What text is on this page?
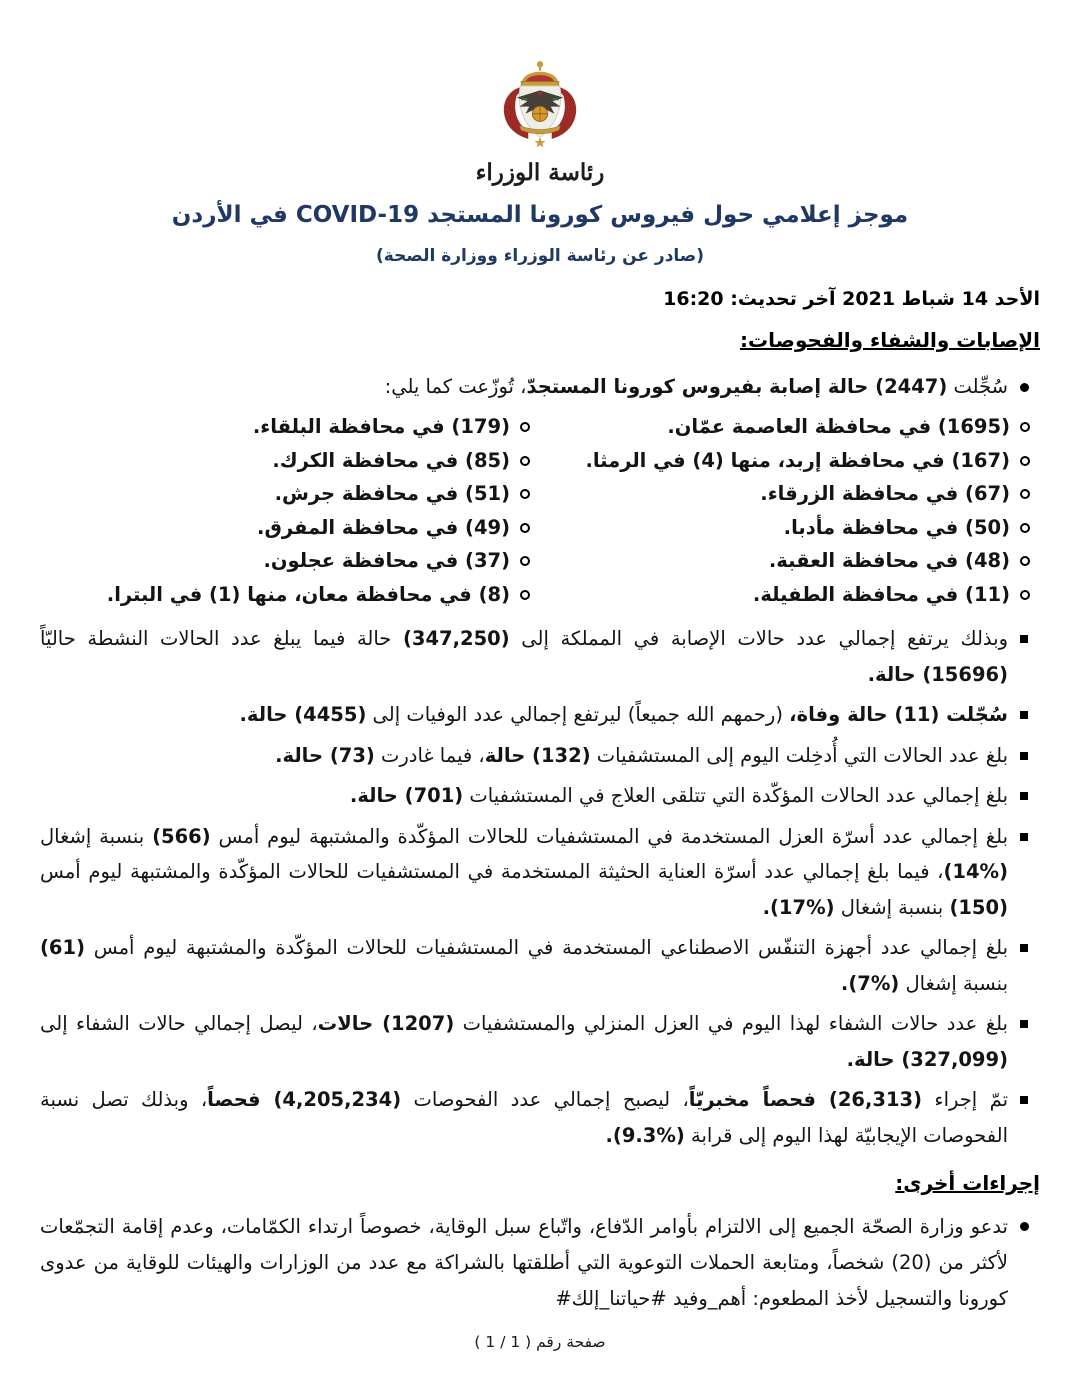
رئاسة الوزراء
موجز إعلامي حول فيروس كورونا المستجد COVID-19 في الأردن
(صادر عن رئاسة الوزراء ووزارة الصحة)
الأحد 14 شباط 2021 آخر تحديث: 16:20
الإصابات والشفاء والفحوصات:
سُجِّلت (2447) حالة إصابة بفيروس كورونا المستجدّ، تُوزّعت كما يلي:
(1695) في محافظة العاصمة عمّان.
(167) في محافظة إربد، منها (4) في الرمثا.
(67) في محافظة الزرقاء.
(50) في محافظة مأدبا.
(48) في محافظة العقبة.
(11) في محافظة الطفيلة.
(179) في محافظة البلقاء.
(85) في محافظة الكرك.
(51) في محافظة جرش.
(49) في محافظة المفرق.
(37) في محافظة عجلون.
(8) في محافظة معان، منها (1) في البترا.
وبذلك يرتفع إجمالي عدد حالات الإصابة في المملكة إلى (347,250) حالة فيما يبلغ عدد الحالات النشطة حاليّاً (15696) حالة.
سُجّلت (11) حالة وفاة، (رحمهم الله جميعاً) ليرتفع إجمالي عدد الوفيات إلى (4455) حالة.
بلغ عدد الحالات التي أُدخِلت اليوم إلى المستشفيات (132) حالة، فيما غادرت (73) حالة.
بلغ إجمالي عدد الحالات المؤكّدة التي تتلقى العلاج في المستشفيات (701) حالة.
بلغ إجمالي عدد أسرّة العزل المستخدمة في المستشفيات للحالات المؤكّدة والمشتبهة ليوم أمس (566) بنسبة إشغال (%14)، فيما بلغ إجمالي عدد أسرّة العناية الحثيثة المستخدمة في المستشفيات للحالات المؤكّدة والمشتبهة ليوم أمس (150) بنسبة إشغال (%17).
بلغ إجمالي عدد أجهزة التنفّس الاصطناعي المستخدمة في المستشفيات للحالات المؤكّدة والمشتبهة ليوم أمس (61) بنسبة إشغال (%7).
بلغ عدد حالات الشفاء لهذا اليوم في العزل المنزلي والمستشفيات (1207) حالات، ليصل إجمالي حالات الشفاء إلى (327,099) حالة.
تمّ إجراء (26,313) فحصاً مخبريّاً، ليصبح إجمالي عدد الفحوصات (4,205,234) فحصاً، وبذلك تصل نسبة الفحوصات الإيجابيّة لهذا اليوم إلى قرابة (%9.3).
إجراءات أخرى:
تدعو وزارة الصحّة الجميع إلى الالتزام بأوامر الدّفاع، واتّباع سبل الوقاية، خصوصاً ارتداء الكمّامات، وعدم إقامة التجمّعات لأكثر من (20) شخصاً، ومتابعة الحملات التوعوية التي أطلقتها بالشراكة مع عدد من الوزارات والهيئات للوقاية من عدوى كورونا والتسجيل لأخذ المطعوم: #إلك‎_‎وفيد #حياتنا‎_‎أهم
صفحة رقم ( 1 / 1 )
